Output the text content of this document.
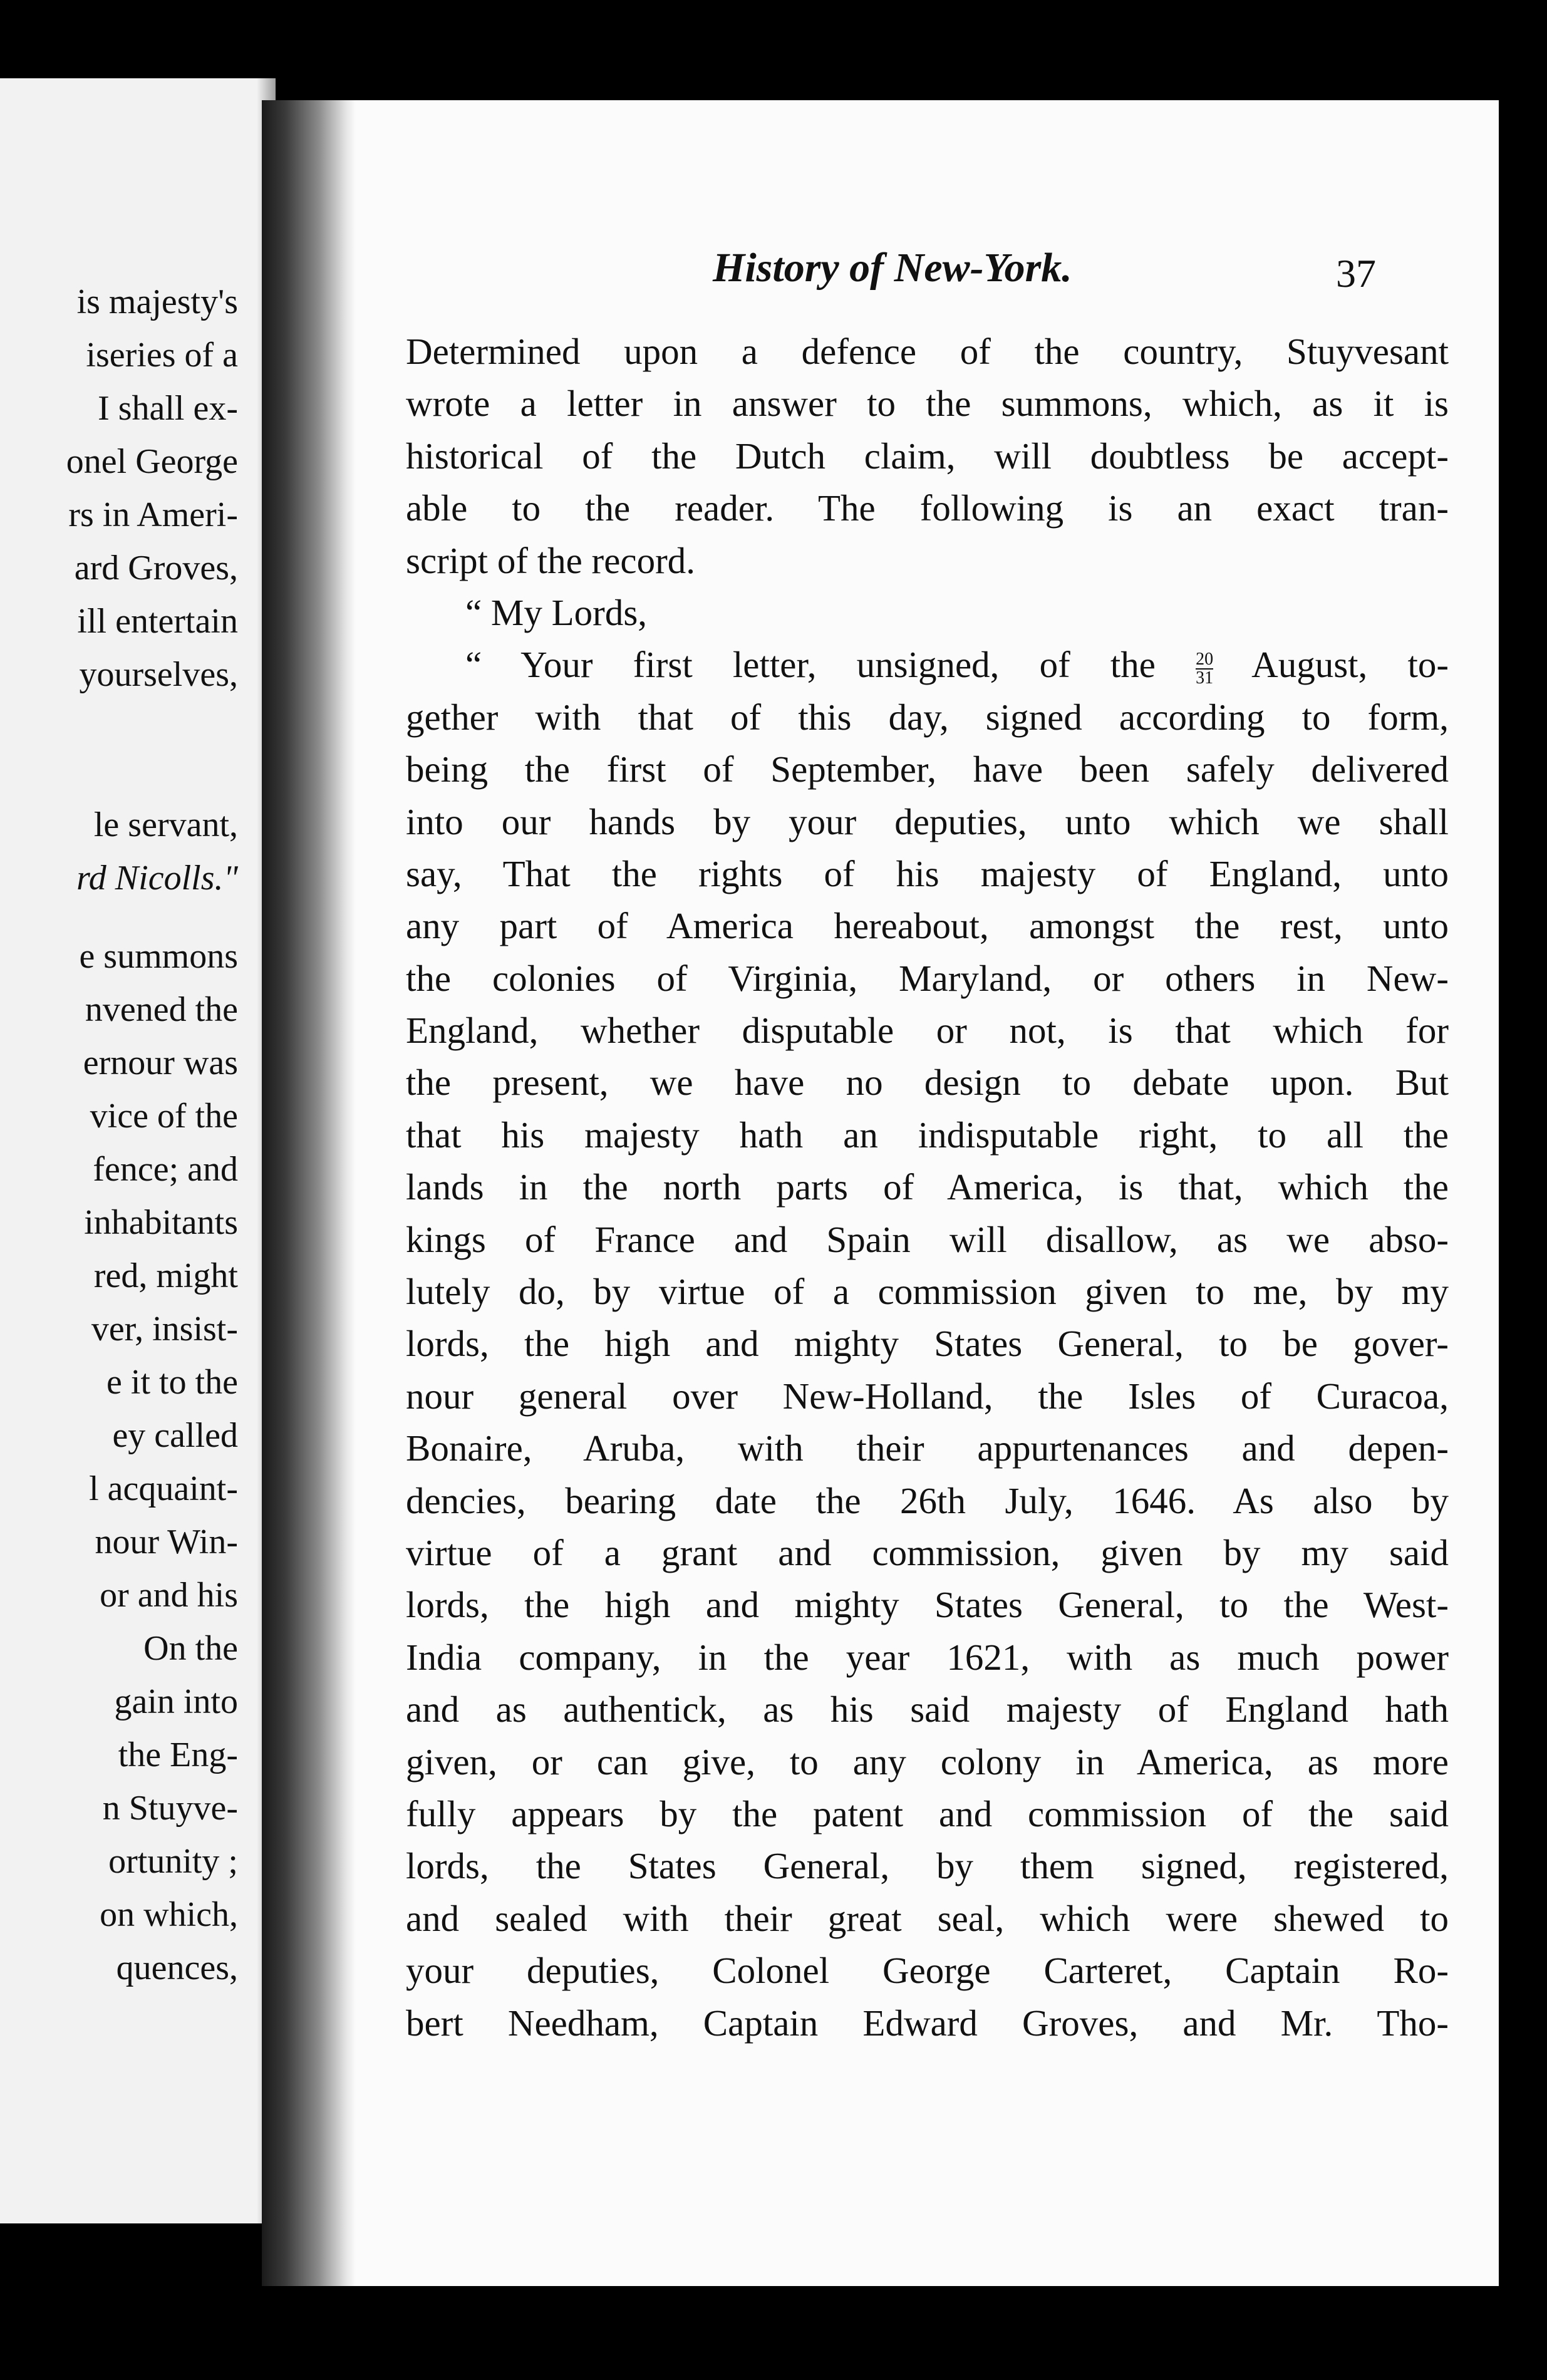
is majesty's
iseries of a
I shall ex-
onel George
rs in Ameri-
ard Groves,
ill entertain
yourselves,
le servant,
rd Nicolls."
e summons
nvened the
ernour was
vice of the
fence; and
inhabitants
red, might
ver, insist-
e it to the
ey called
l acquaint-
nour Win-
or and his
On the
gain into
the Eng-
n Stuyve-
ortunity ;
on which,
quences,
History of New-York.	37
Determined upon a defence of the country, Stuyvesant
wrote a letter in answer to the summons, which, as it is
historical of the Dutch claim, will doubtless be accept-
able to the reader. The following is an exact tran-
script of the record.
“ My Lords,
“ Your first letter, unsigned, of the $\frac{20}{31}$ August, to-
gether with that of this day, signed according to form,
being the first of September, have been safely delivered
into our hands by your deputies, unto which we shall
say, That the rights of his majesty of England, unto
any part of America hereabout, amongst the rest, unto
the colonies of Virginia, Maryland, or others in New-
England, whether disputable or not, is that which for
the present, we have no design to debate upon. But
that his majesty hath an indisputable right, to all the
lands in the north parts of America, is that, which the
kings of France and Spain will disallow, as we abso-
lutely do, by virtue of a commission given to me, by my
lords, the high and mighty States General, to be gover-
nour general over New-Holland, the Isles of Curacoa,
Bonaire, Aruba, with their appurtenances and depen-
dencies, bearing date the 26th July, 1646. As also by
virtue of a grant and commission, given by my said
lords, the high and mighty States General, to the West-
India company, in the year 1621, with as much power
and as authentick, as his said majesty of England hath
given, or can give, to any colony in America, as more
fully appears by the patent and commission of the said
lords, the States General, by them signed, registered,
and sealed with their great seal, which were shewed to
your deputies, Colonel George Carteret, Captain Ro-
bert Needham, Captain Edward Groves, and Mr. Tho-
